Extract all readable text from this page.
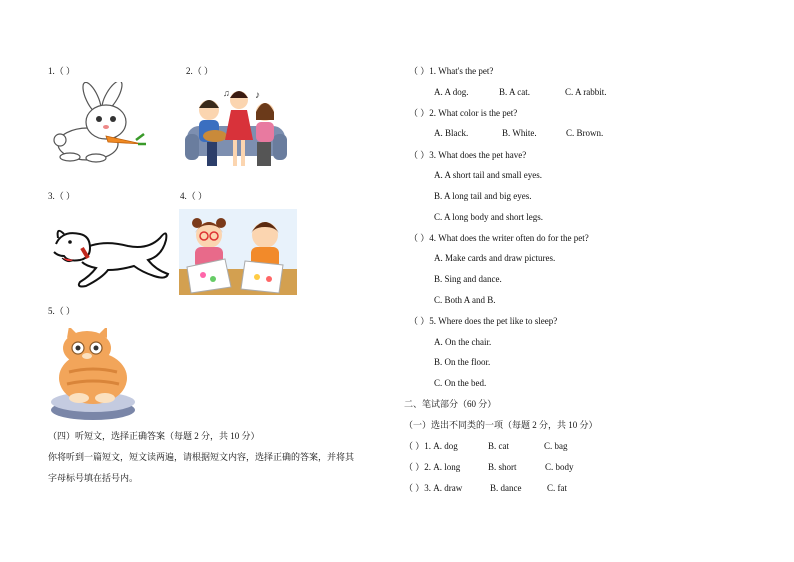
1.（ ）	2.（ ）
3.（ ）	4.（ ）
5.（ ）
♪
♫
（四）听短文，选择正确答案（每题 2 分，共 10 分）
你将听到一篇短文，短文读两遍，请根据短文内容，选择正确的答案，并将其
字母标号填在括号内。
（ ）1. What's the pet?
A. A dog.	B. A cat.	C. A rabbit.
（ ）2. What color is the pet?
A. Black.	B. White.	C. Brown.
（ ）3. What does the pet have?
A. A short tail and small eyes.
B. A long tail and big eyes.
C. A long body and short legs.
（ ）4. What does the writer often do for the pet?
A. Make cards and draw pictures.
B. Sing and dance.
C. Both A and B.
（ ）5. Where does the pet like to sleep?
A. On the chair.
B. On the floor.
C. On the bed.
二、笔试部分（60 分）
（一）选出不同类的一项（每题 2 分，共 10 分）
（ ）1. A. dog	B. cat	C. bag
（ ）2. A. long	B. short	C. body
（ ）3. A. draw	B. dance	C. fat
